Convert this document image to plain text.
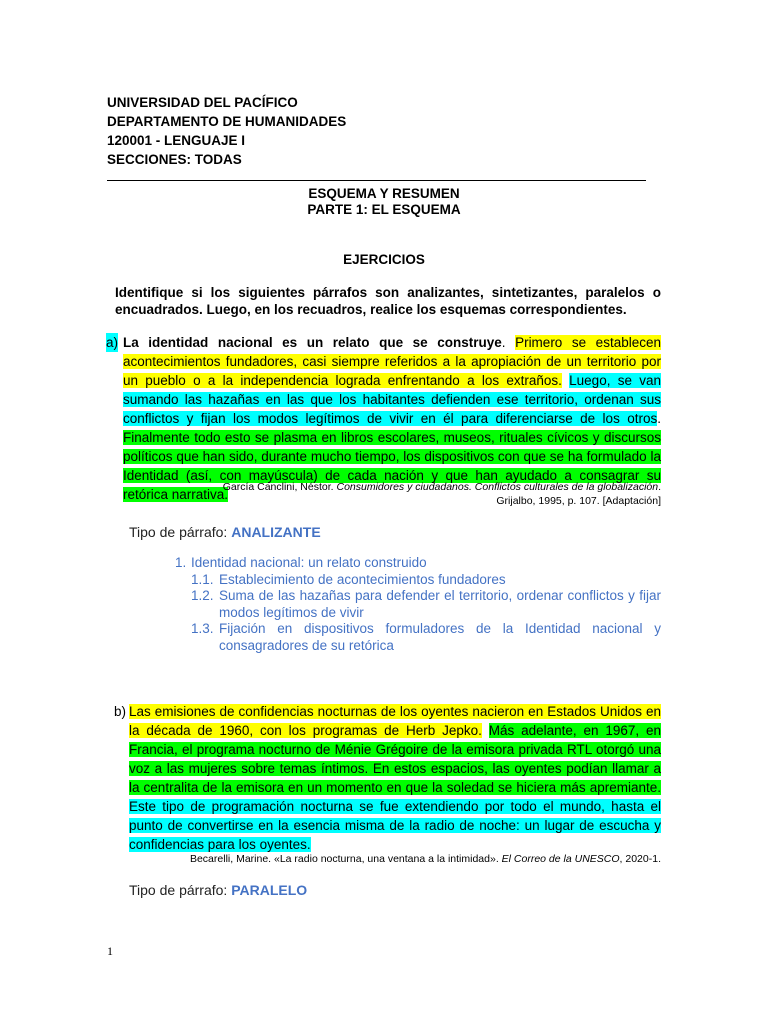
UNIVERSIDAD DEL PACÍFICO
DEPARTAMENTO DE HUMANIDADES
120001 - LENGUAJE I
SECCIONES: TODAS
ESQUEMA Y RESUMEN
PARTE 1: EL ESQUEMA
EJERCICIOS
Identifique si los siguientes párrafos son analizantes, sintetizantes, paralelos o encuadrados. Luego, en los recuadros, realice los esquemas correspondientes.
a) La identidad nacional es un relato que se construye. Primero se establecen acontecimientos fundadores, casi siempre referidos a la apropiación de un territorio por un pueblo o a la independencia lograda enfrentando a los extraños. Luego, se van sumando las hazañas en las que los habitantes defienden ese territorio, ordenan sus conflictos y fijan los modos legítimos de vivir en él para diferenciarse de los otros. Finalmente todo esto se plasma en libros escolares, museos, rituales cívicos y discursos políticos que han sido, durante mucho tiempo, los dispositivos con que se ha formulado la Identidad (así, con mayúscula) de cada nación y que han ayudado a consagrar su retórica narrativa.
García Canclini, Néstor. Consumidores y ciudadanos. Conflictos culturales de la globalización.
Grijalbo, 1995, p. 107. [Adaptación]
Tipo de párrafo: ANALIZANTE
1. Identidad nacional: un relato construido
1.1. Establecimiento de acontecimientos fundadores
1.2. Suma de las hazañas para defender el territorio, ordenar conflictos y fijar modos legítimos de vivir
1.3. Fijación en dispositivos formuladores de la Identidad nacional y consagradores de su retórica
b) Las emisiones de confidencias nocturnas de los oyentes nacieron en Estados Unidos en la década de 1960, con los programas de Herb Jepko. Más adelante, en 1967, en Francia, el programa nocturno de Ménie Grégoire de la emisora privada RTL otorgó una voz a las mujeres sobre temas íntimos. En estos espacios, las oyentes podían llamar a la centralita de la emisora en un momento en que la soledad se hiciera más apremiante. Este tipo de programación nocturna se fue extendiendo por todo el mundo, hasta el punto de convertirse en la esencia misma de la radio de noche: un lugar de escucha y confidencias para los oyentes.
Becarelli, Marine. «La radio nocturna, una ventana a la intimidad». El Correo de la UNESCO, 2020-1.
Tipo de párrafo: PARALELO
1
